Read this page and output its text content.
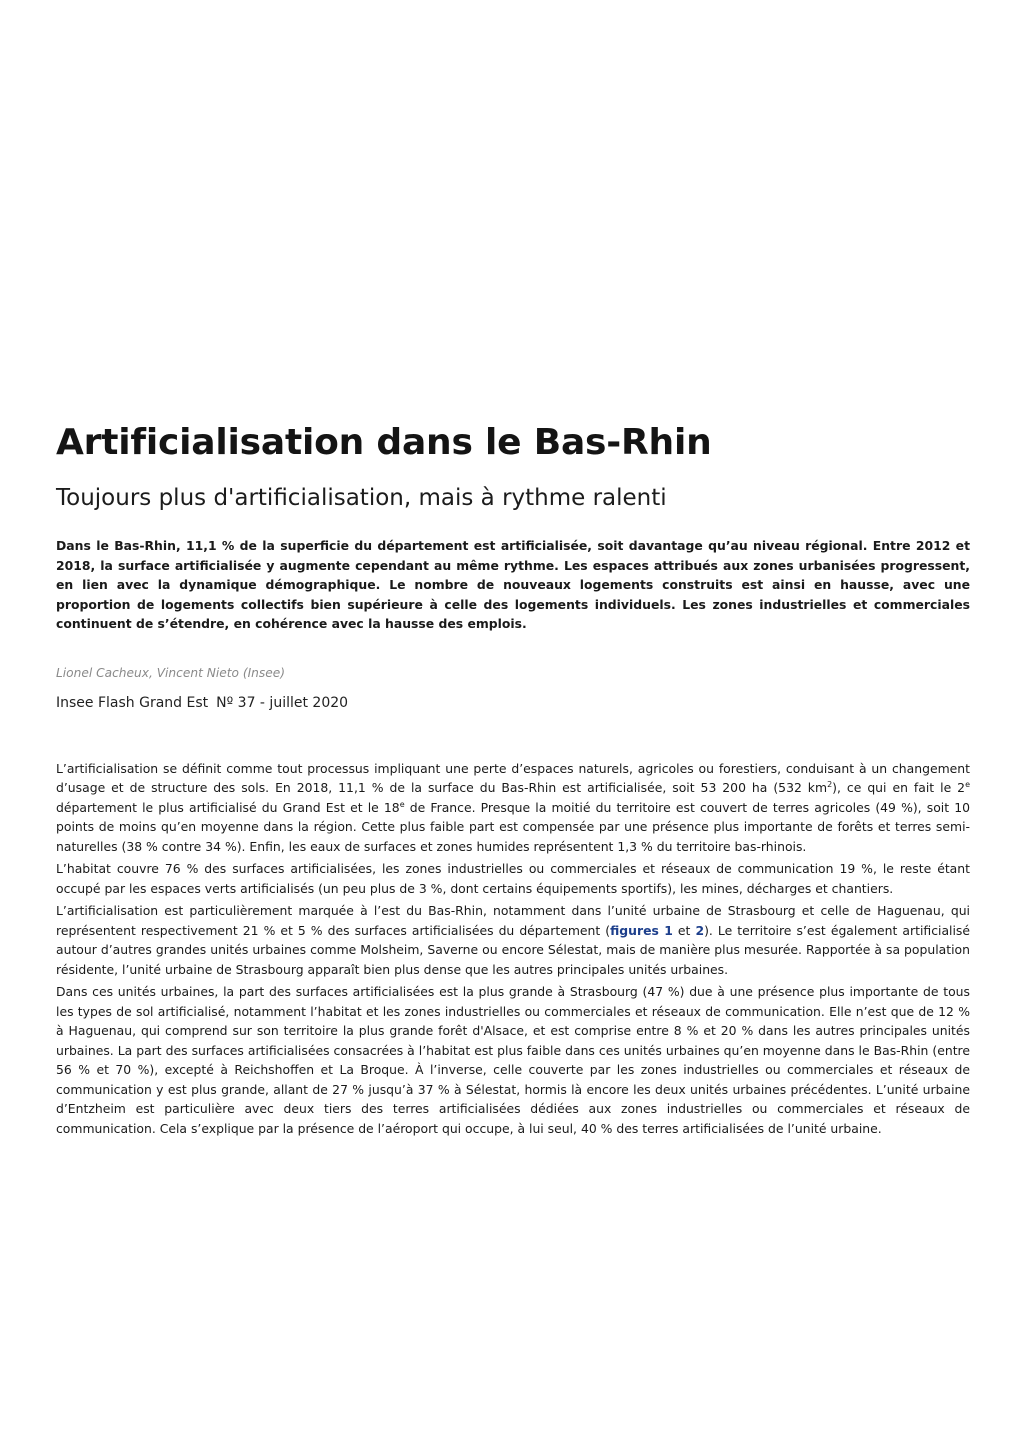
Artificialisation dans le Bas-Rhin
Toujours plus d'artificialisation, mais à rythme ralenti

Dans le Bas-Rhin, 11,1 % de la superficie du département est artificialisée, soit davantage qu’au niveau régional. Entre 2012 et 2018, la surface artificialisée y augmente cependant au même rythme. Les espaces attribués aux zones urbanisées progressent, en lien avec la dynamique démographique. Le nombre de nouveaux logements construits est ainsi en hausse, avec une proportion de logements collectifs bien supérieure à celle des logements individuels. Les zones industrielles et commerciales continuent de s’étendre, en cohérence avec la hausse des emplois.

Lionel Cacheux, Vincent Nieto (Insee)

Insee Flash Grand Est Nº 37 - juillet 2020

L’artificialisation se définit comme tout processus impliquant une perte d’espaces naturels, agricoles ou forestiers, conduisant à un changement d’usage et de structure des sols. En 2018, 11,1 % de la surface du Bas-Rhin est artificialisée, soit 53 200 ha (532 $km^2$), ce qui en fait le 2e département le plus artificialisé du Grand Est et le 18e de France. Presque la moitié du territoire est couvert de terres agricoles (49 %), soit 10 points de moins qu’en moyenne dans la région. Cette plus faible part est compensée par une présence plus importante de forêts et terres semi-naturelles (38 % contre 34 %). Enfin, les eaux de surfaces et zones humides représentent 1,3 % du territoire bas-rhinois.

L’habitat couvre 76 % des surfaces artificialisées, les zones industrielles ou commerciales et réseaux de communication 19 %, le reste étant occupé par les espaces verts artificialisés (un peu plus de 3 %, dont certains équipements sportifs), les mines, décharges et chantiers.

L’artificialisation est particulièrement marquée à l’est du Bas-Rhin, notamment dans l’unité urbaine de Strasbourg et celle de Haguenau, qui représentent respectivement 21 % et 5 % des surfaces artificialisées du département (figures 1 et 2). Le territoire s’est également artificialisé autour d’autres grandes unités urbaines comme Molsheim, Saverne ou encore Sélestat, mais de manière plus mesurée. Rapportée à sa population résidente, l’unité urbaine de Strasbourg apparaît bien plus dense que les autres principales unités urbaines.

Dans ces unités urbaines, la part des surfaces artificialisées est la plus grande à Strasbourg (47 %) due à une présence plus importante de tous les types de sol artificialisé, notamment l’habitat et les zones industrielles ou commerciales et réseaux de communication. Elle n’est que de 12 % à Haguenau, qui comprend sur son territoire la plus grande forêt d'Alsace, et est comprise entre 8 % et 20 % dans les autres principales unités urbaines. La part des surfaces artificialisées consacrées à l’habitat est plus faible dans ces unités urbaines qu’en moyenne dans le Bas-Rhin (entre 56 % et 70 %), excepté à Reichshoffen et La Broque. À l’inverse, celle couverte par les zones industrielles ou commerciales et réseaux de communication y est plus grande, allant de 27 % jusqu’à 37 % à Sélestat, hormis là encore les deux unités urbaines précédentes. L’unité urbaine d’Entzheim est particulière avec deux tiers des terres artificialisées dédiées aux zones industrielles ou commerciales et réseaux de communication. Cela s’explique par la présence de l’aéroport qui occupe, à lui seul, 40 % des terres artificialisées de l’unité urbaine.
